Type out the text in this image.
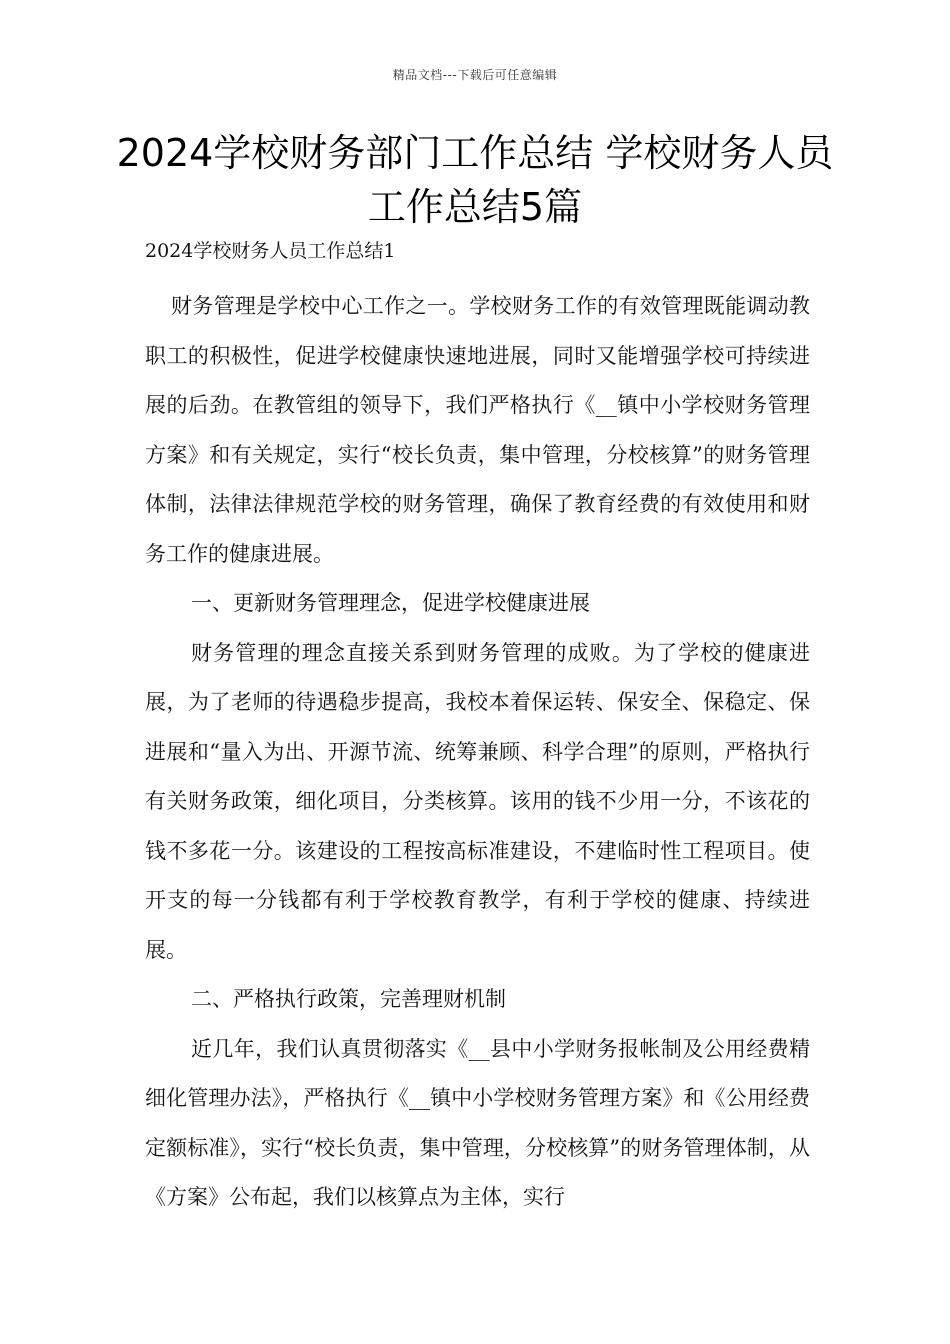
精品文档---下载后可任意编辑
2024学校财务部门工作总结 学校财务人员工作总结5篇

2024学校财务人员工作总结1

财务管理是学校中心工作之一。学校财务工作的有效管理既能调动教职工的积极性，促进学校健康快速地进展，同时又能增强学校可持续进展的后劲。在教管组的领导下，我们严格执行《__镇中小学校财务管理方案》和有关规定，实行“校长负责，集中管理，分校核算”的财务管理体制，法律法律规范学校的财务管理，确保了教育经费的有效使用和财务工作的健康进展。

一、更新财务管理理念，促进学校健康进展

财务管理的理念直接关系到财务管理的成败。为了学校的健康进展，为了老师的待遇稳步提高，我校本着保运转、保安全、保稳定、保进展和“量入为出、开源节流、统筹兼顾、科学合理”的原则，严格执行有关财务政策，细化项目，分类核算。该用的钱不少用一分，不该花的钱不多花一分。该建设的工程按高标准建设，不建临时性工程项目。使开支的每一分钱都有利于学校教育教学，有利于学校的健康、持续进展。

二、严格执行政策，完善理财机制

近几年，我们认真贯彻落实《__县中小学财务报帐制及公用经费精细化管理办法》，严格执行《__镇中小学校财务管理方案》和《公用经费定额标准》，实行“校长负责，集中管理，分校核算”的财务管理体制，从《方案》公布起，我们以核算点为主体，实行
